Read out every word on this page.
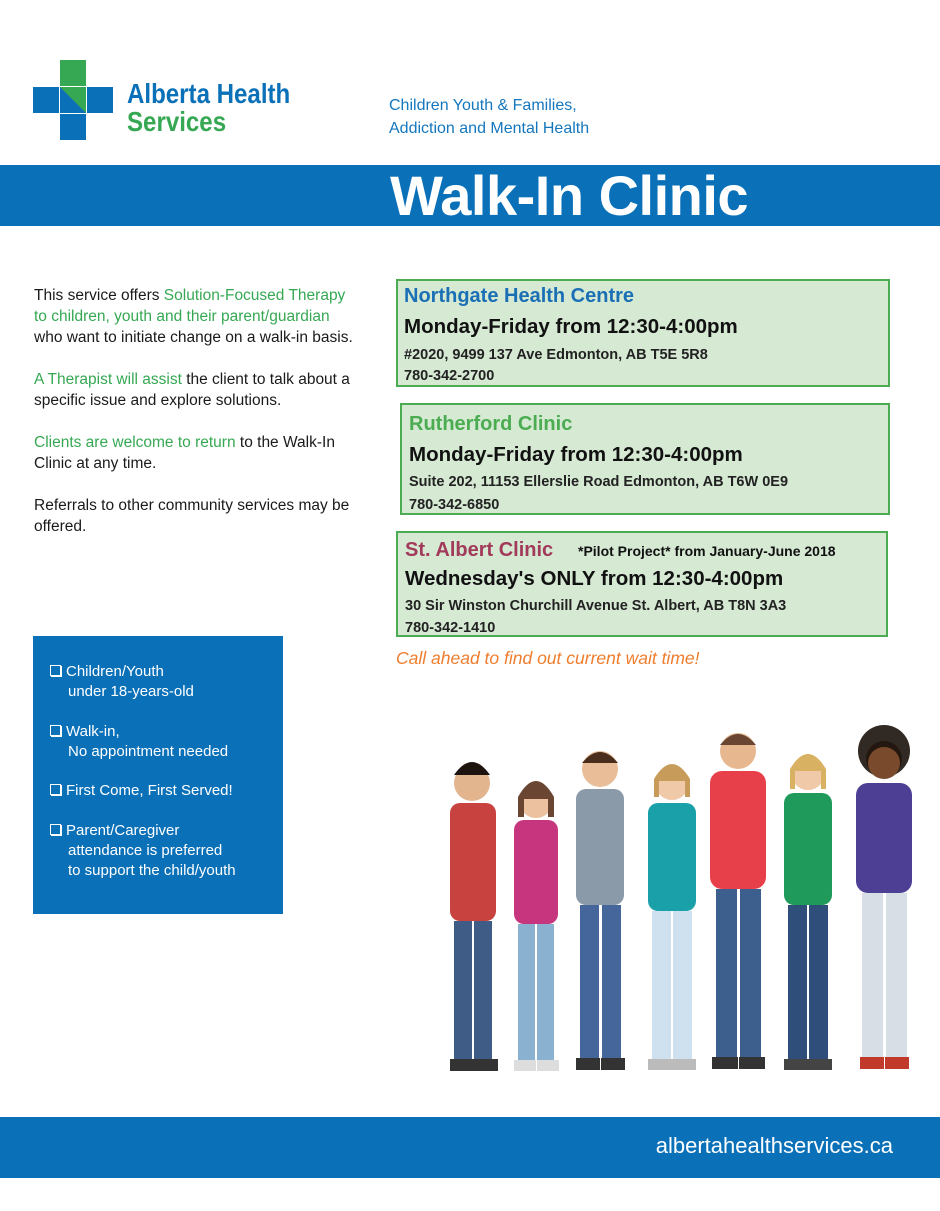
Alberta Health
Services
Children Youth & Families,
Addiction and Mental Health
Walk-In Clinic

This service offers Solution-Focused Therapy to children, youth and their parent/guardian who want to initiate change on a walk-in basis.

A Therapist will assist the client to talk about a specific issue and explore solutions.

Clients are welcome to return to the Walk-In Clinic at any time.

Referrals to other community services may be offered.

Children/Youth
under 18-years-old
Walk-in,
No appointment needed
First Come, First Served!
Parent/Caregiver
attendance is preferred
to support the child/youth
Northgate Health Centre
Monday-Friday from 12:30-4:00pm
#2020, 9499 137 Ave Edmonton, AB T5E 5R8
780-342-2700
Rutherford Clinic
Monday-Friday from 12:30-4:00pm
Suite 202, 11153 Ellerslie Road Edmonton, AB T6W 0E9
780-342-6850
St. Albert Clinic *Pilot Project* from January-June 2018
Wednesday's ONLY from 12:30-4:00pm
30 Sir Winston Churchill Avenue St. Albert, AB T8N 3A3
780-342-1410
Call ahead to find out current wait time!
albertahealthservices.ca
